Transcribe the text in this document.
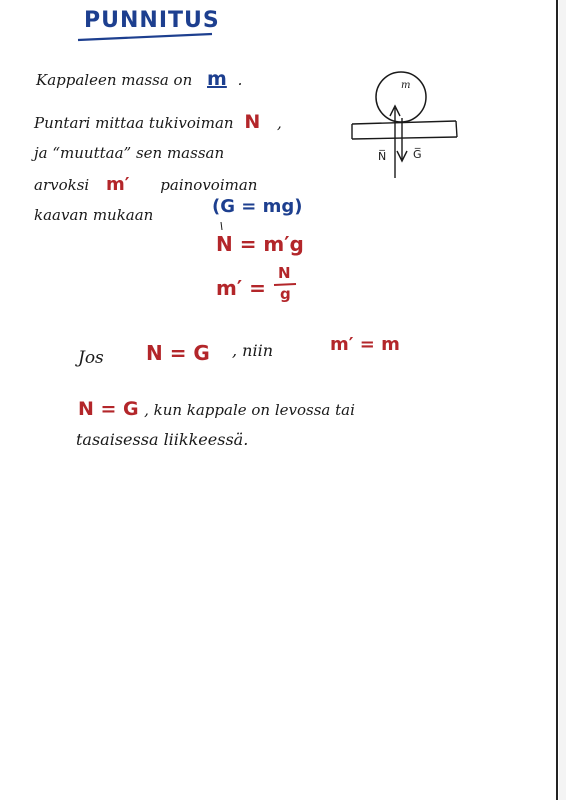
PUNNITUS
Kappaleen massa on m .
Puntari mittaa tukivoiman N ,
ja “muuttaa” sen massan
arvoksi m′ painovoiman
kaavan mukaan	(G = mg)
N = m′g
m′ =
N
g
Jos N = G , niin	m′ = m
N = G , kun kappale on levossa tai
tasaisessa liikkeessä.
m
N̅ G̅
